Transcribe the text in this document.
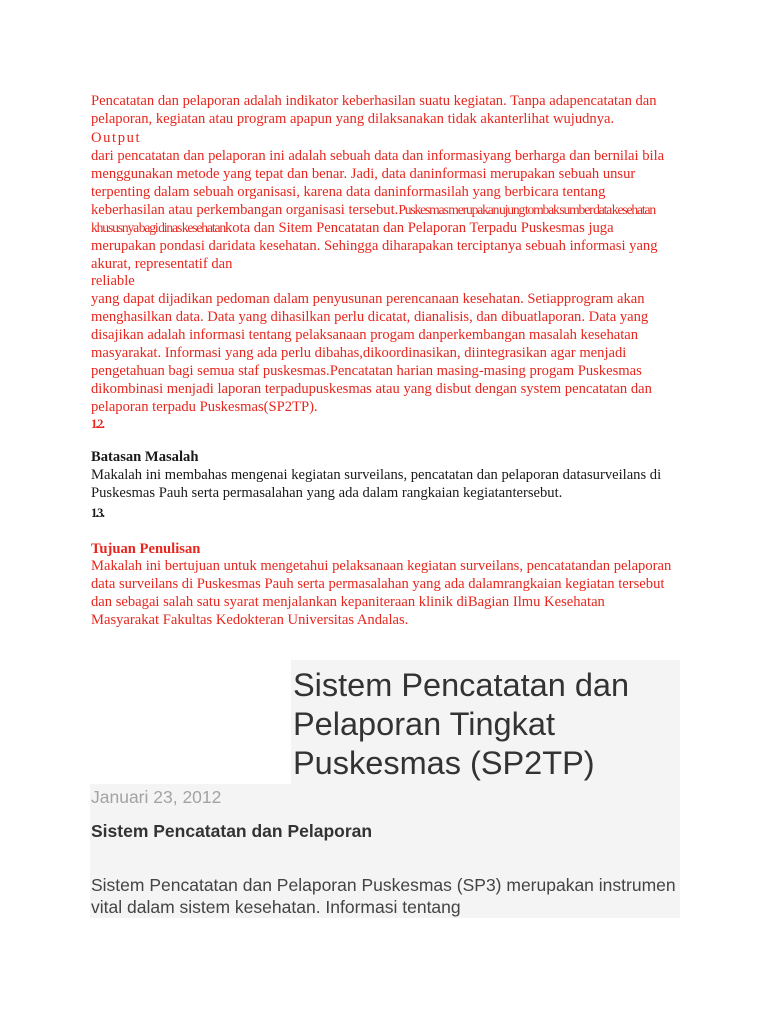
Pencatatan dan pelaporan adalah indikator keberhasilan suatu kegiatan. Tanpa adapencatatan dan pelaporan, kegiatan atau program apapun yang dilaksanakan tidak akanterlihat wujudnya.

Output

dari pencatatan dan pelaporan ini adalah sebuah data dan informasiyang berharga dan bernilai bila menggunakan metode yang tepat dan benar. Jadi, data daninformasi merupakan sebuah unsur terpenting dalam sebuah organisasi, karena data daninformasilah yang berbicara tentang keberhasilan atau perkembangan organisasi tersebut.Puskesmas merupakan ujung tombak sumber data kesehatan khususnya bagi dinas kesehatankota dan Sitem Pencatatan dan Pelaporan Terpadu Puskesmas juga merupakan pondasi daridata kesehatan. Sehingga diharapakan terciptanya sebuah informasi yang akurat, representatif dan

reliable

yang dapat dijadikan pedoman dalam penyusunan perencanaan kesehatan. Setiapprogram akan menghasilkan data. Data yang dihasilkan perlu dicatat, dianalisis, dan dibuatlaporan. Data yang disajikan adalah informasi tentang pelaksanaan progam danperkembangan masalah kesehatan masyarakat. Informasi yang ada perlu dibahas,dikoordinasikan, diintegrasikan agar menjadi pengetahuan bagi semua staf puskesmas.Pencatatan harian masing-masing progam Puskesmas dikombinasi menjadi laporan terpadupuskesmas atau yang disbut dengan system pencatatan dan pelaporan terpadu Puskesmas(SP2TP).

1.2.
Batasan Masalah

Makalah ini membahas mengenai kegiatan surveilans, pencatatan dan pelaporan datasurveilans di Puskesmas Pauh serta permasalahan yang ada dalam rangkaian kegiatantersebut.

1.3.
Tujuan Penulisan

Makalah ini bertujuan untuk mengetahui pelaksanaan kegiatan surveilans, pencatatandan pelaporan data surveilans di Puskesmas Pauh serta permasalahan yang ada dalamrangkaian kegiatan tersebut dan sebagai salah satu syarat menjalankan kepaniteraan klinik diBagian Ilmu Kesehatan Masyarakat Fakultas Kedokteran Universitas Andalas.

Sistem Pencatatan dan
Pelaporan Tingkat
Puskesmas (SP2TP)
Januari 23, 2012
Sistem Pencatatan dan Pelaporan

Sistem Pencatatan dan Pelaporan Puskesmas (SP3) merupakan instrumen vital dalam sistem kesehatan. Informasi tentang
